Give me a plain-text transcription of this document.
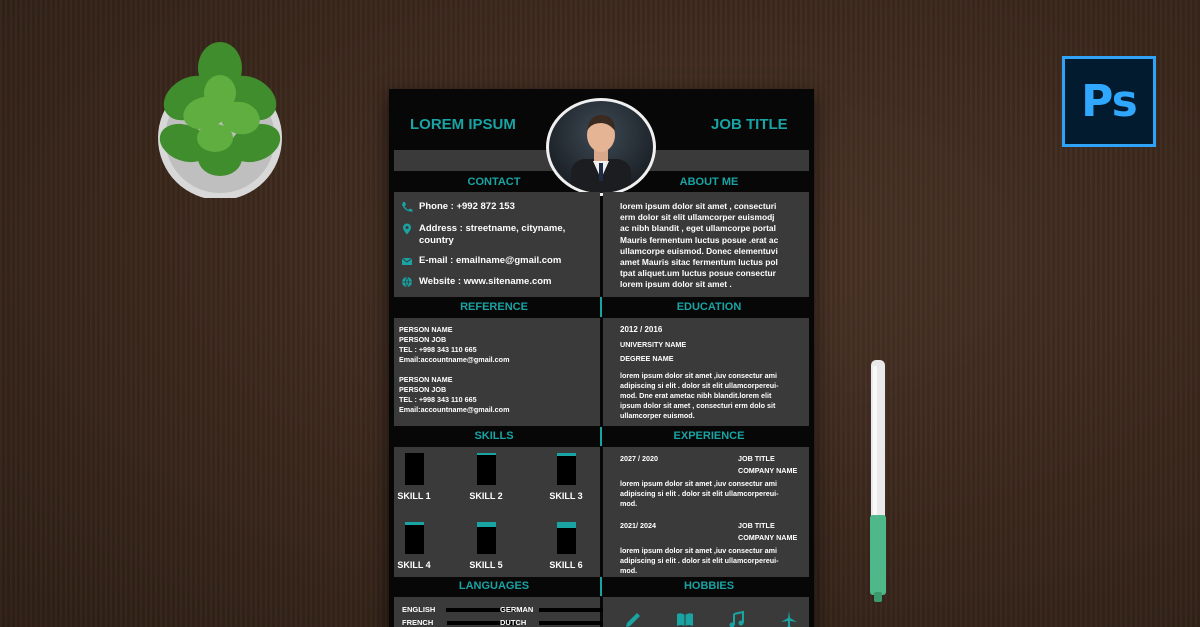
Ps
LOREM IPSUM	JOB TITLE
CONTACT	ABOUT ME
Phone : +992 872 153
Address : streetname, cityname,
country
E-mail : emailname@gmail.com
Website : www.sitename.com
lorem ipsum dolor sit amet , consecturi
erm dolor sit elit ullamcorper euismodj
ac nibh blandit , eget ullamcorpe portal
Mauris fermentum luctus posue .erat ac
ullamcorpe euismod. Donec elementuvi
amet Mauris sitac fermentum luctus pol
tpat aliquet.um luctus posue consectur
lorem ipsum dolor sit amet .
REFERENCE	EDUCATION
PERSON NAME
PERSON JOB
TEL : +998 343 110 665
Email:accountname@gmail.com
PERSON NAME
PERSON JOB
TEL : +998 343 110 665
Email:accountname@gmail.com
2012 / 2016
UNIVERSITY NAME
DEGREE NAME
lorem ipsum dolor sit amet ,iuv consectur ami
adipiscing si elit . dolor sit elit ullamcorpereui-
mod. Dne erat ametac nibh blandit.lorem elit
ipsum dolor sit amet , consecturi erm dolo sit
ullamcorper euismod.
SKILLS	EXPERIENCE
SKILL 1	SKILL 2	SKILL 3
SKILL 4	SKILL 5	SKILL 6
2027 / 2020	JOB TITLE
COMPANY NAME
lorem ipsum dolor sit amet ,iuv consectur ami
adipiscing si elit . dolor sit elit ullamcorpereui-
mod.
2021/ 2024	JOB TITLE
COMPANY NAME
lorem ipsum dolor sit amet ,iuv consectur ami
adipiscing si elit . dolor sit elit ullamcorpereui-
mod.
LANGUAGES	HOBBIES
ENGLISH	GERMAN
FRENCH	DUTCH
